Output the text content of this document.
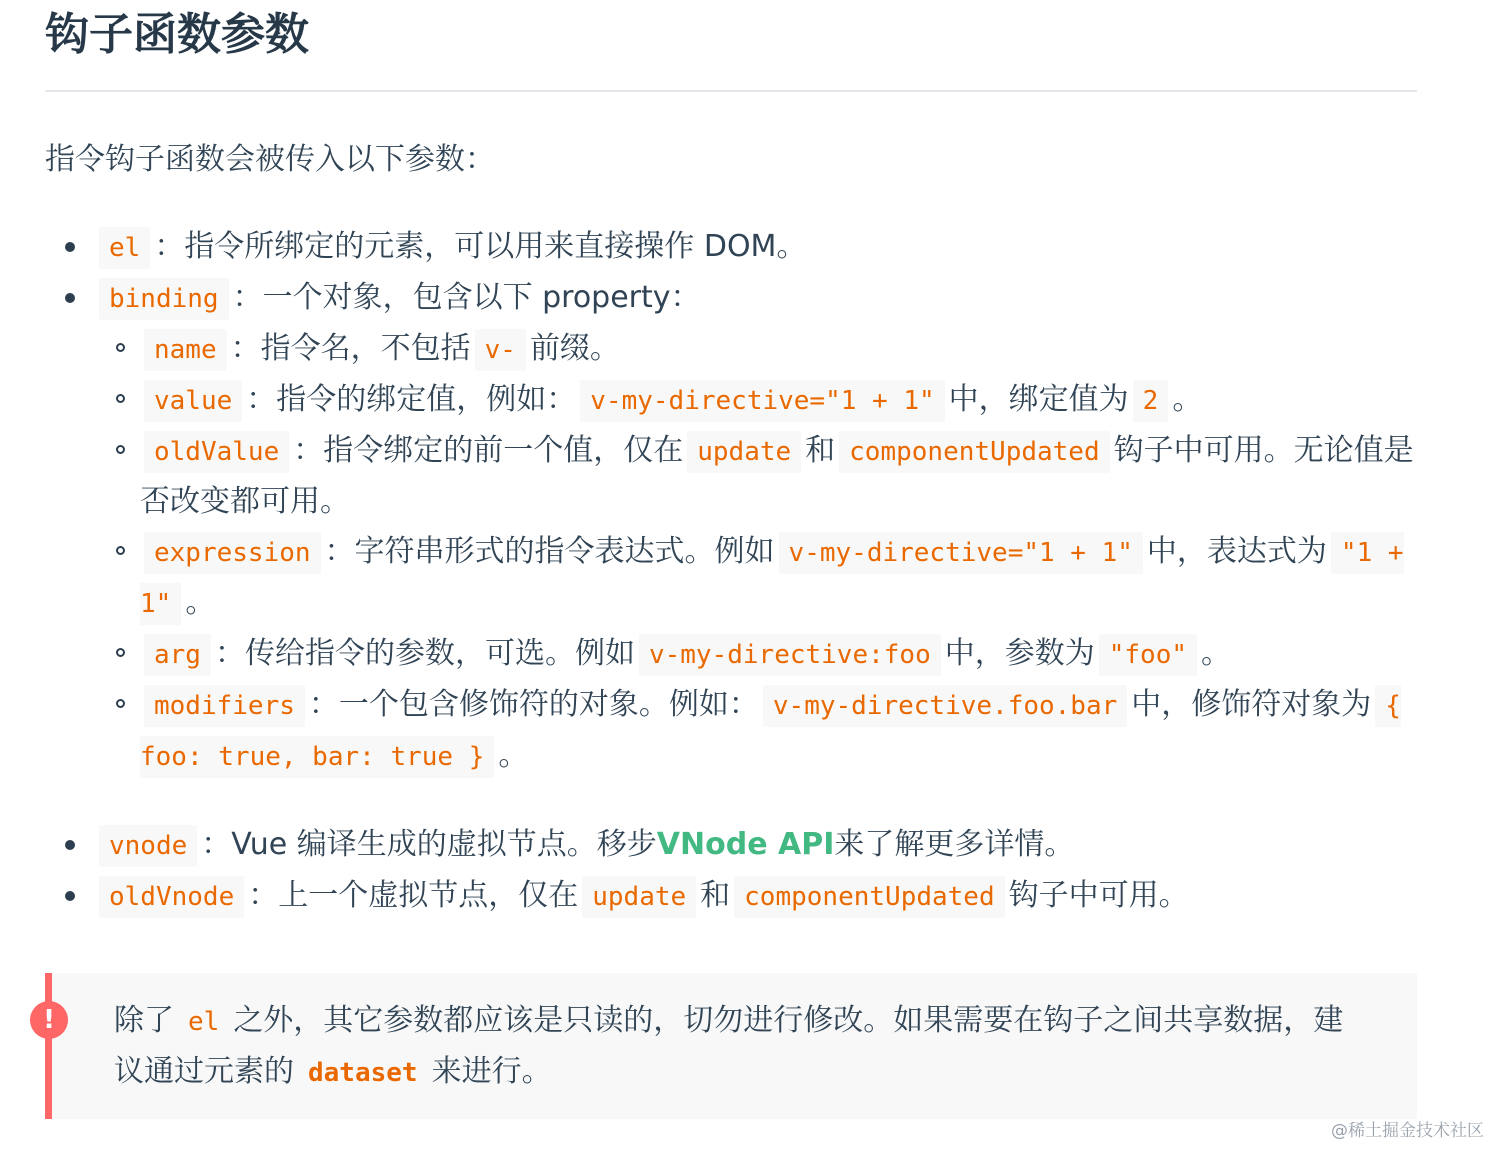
钩子函数参数

指令钩子函数会被传入以下参数：

el ：指令所绑定的元素，可以用来直接操作 DOM。
binding ：一个对象，包含以下 property：
name ：指令名，不包括 v- 前缀。
value ：指令的绑定值，例如： v-my-directive="1 + 1" 中，绑定值为 2 。
oldValue ：指令绑定的前一个值，仅在 update 和 componentUpdated 钩子中可用。无论值是否改变都可用。
expression ：字符串形式的指令表达式。例如 v-my-directive="1 + 1" 中，表达式为 "1 + 1" 。
arg ：传给指令的参数，可选。例如 v-my-directive:foo 中，参数为 "foo" 。
modifiers ：一个包含修饰符的对象。例如： v-my-directive.foo.bar 中，修饰符对象为 { foo: true, bar: true } 。
vnode ：Vue 编译生成的虚拟节点。移步VNode API来了解更多详情。
oldVnode ：上一个虚拟节点，仅在 update 和 componentUpdated 钩子中可用。
!	除了 el 之外，其它参数都应该是只读的，切勿进行修改。如果需要在钩子之间共享数据，建议通过元素的 dataset 来进行。
@稀土掘金技术社区
